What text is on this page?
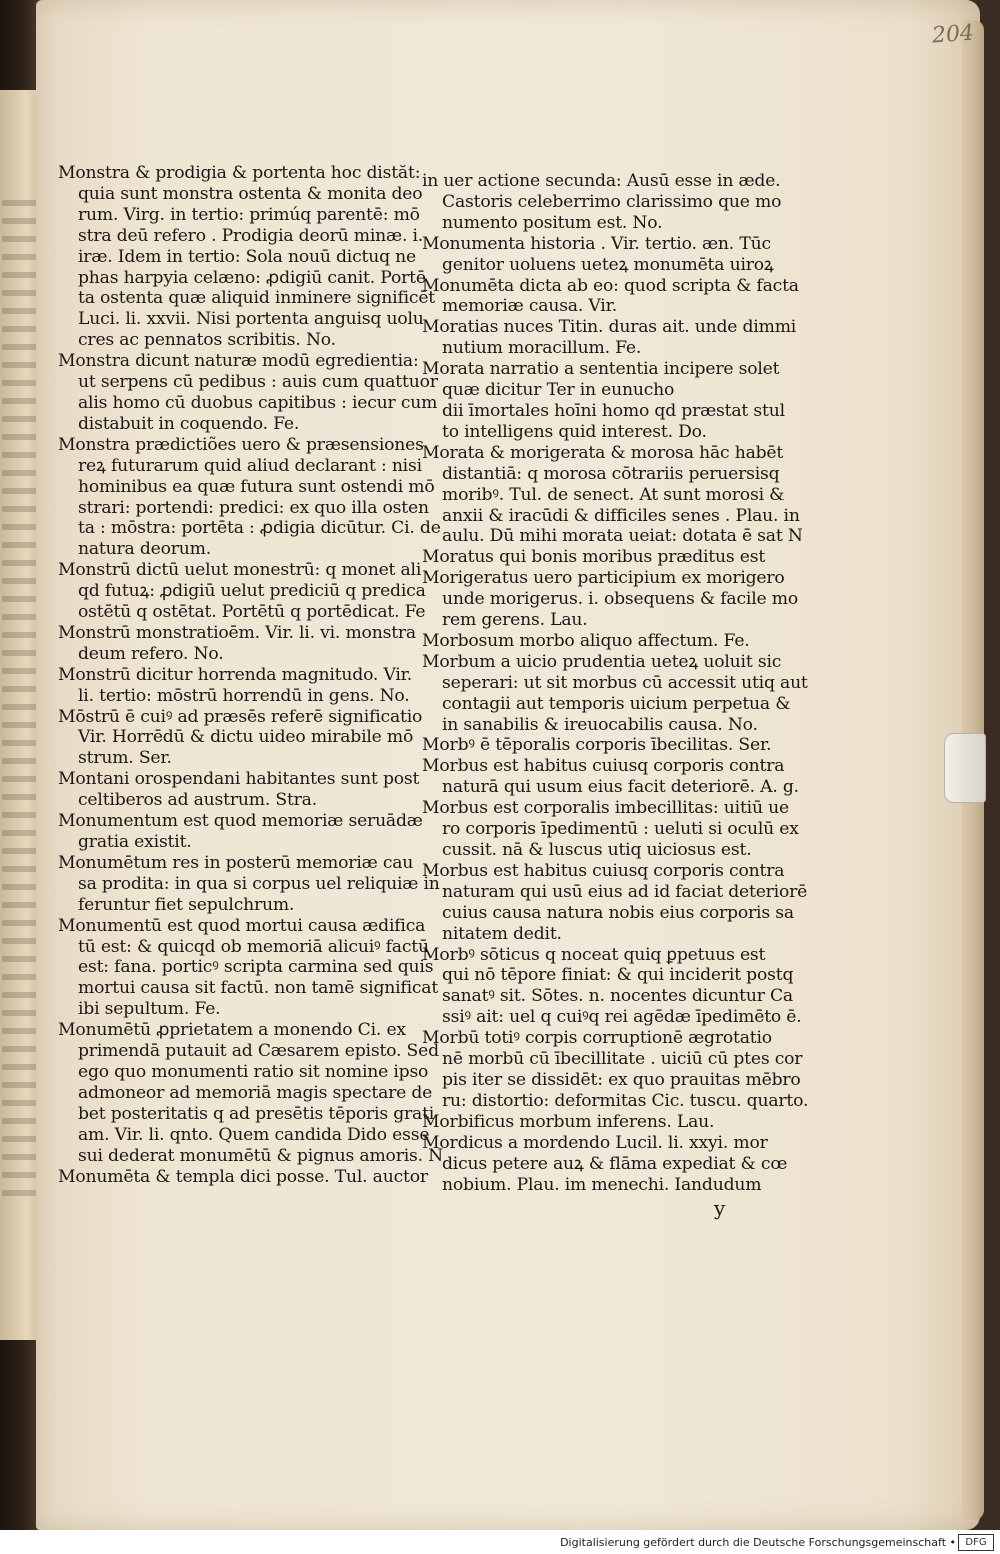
204

Monstra & prodigia & portenta hoc distăt:

quia sunt monstra ostenta & monita deo

rum. Virg. in tertio: primúq parentē: mō

stra deū refero . Prodigia deorū minæ. i.

iræ. Idem in tertio: Sola nouū dictuq ne

phas harpyia celæno: ꝓdigiū canit. Portē

ta ostenta quæ aliquid inminere significēt

Luci. li. xxvii. Nisi portenta anguisq uolu

cres ac pennatos scribitis. No.

Monstra dicunt naturæ modū egredientia:

ut serpens cū pedibus : auis cum quattuor

alis homo cū duobus capitibus : iecur cum

distabuit in coquendo. Fe.

Monstra prædictiões uero & præsensiones

reꝝ futurarum quid aliud declarant : nisi

hominibus ea quæ futura sunt ostendi mō

strari: portendi: predici: ex quo illa osten

ta : mōstra: portēta : ꝓdigia dicūtur. Ci. de

natura deorum.

Monstrū dictū uelut monestrū: q monet ali

qd futuꝝ: ꝓdigiū uelut prediciū q predica

ostētū q ostētat. Portētū q portēdicat. Fe

Monstrū monstratioēm. Vir. li. vi. monstra

deum refero. No.

Monstrū dicitur horrenda magnitudo. Vir.

li. tertio: mōstrū horrendū in gens. No.

Mōstrū ē cuiꝰ ad præsēs referē significatio

Vir. Horrēdū & dictu uideo mirabile mō

strum. Ser.

Montani orospendani habitantes sunt post

celtiberos ad austrum. Stra.

Monumentum est quod memoriæ seruādæ

gratia existit.

Monumētum res in posterū memoriæ cau

sa prodita: in qua si corpus uel reliquiæ in

feruntur fiet sepulchrum.

Monumentū est quod mortui causa ædifica

tū est: & quicqd ob memoriā alicuiꝰ factū

est: fana. porticꝰ scripta carmina sed quis

mortui causa sit factū. non tamē significat

ibi sepultum. Fe.

Monumētū ꝓprietatem a monendo Ci. ex

primendā putauit ad Cæsarem episto. Sed

ego quo monumenti ratio sit nomine ipso

admoneor ad memoriā magis spectare de

bet posteritatis q ad presētis tēporis grati

am. Vir. li. qnto. Quem candida Dido esse

sui dederat monumētū & pignus amoris. N

Monumēta & templa dici posse. Tul. auctor

in uer actione secunda: Ausū esse in æde.

Castoris celeberrimo clarissimo que mo

numento positum est. No.

Monumenta historia . Vir. tertio. æn. Tūc

genitor uoluens ueteꝝ monumēta uiroꝝ

Monumēta dicta ab eo: quod scripta & facta

memoriæ causa. Vir.

Moratias nuces Titin. duras ait. unde dimmi

nutium moracillum. Fe.

Morata narratio a sententia incipere solet

quæ dicitur Ter in eunucho

dii īmortales hoīni homo qd præstat stul

to intelligens quid interest. Do.

Morata & morigerata & morosa hāc habēt

distantiā: q morosa cōtrariis peruersisq

moribꝰ. Tul. de senect. At sunt morosi &

anxii & iracūdi & difficiles senes . Plau. in

aulu. Dū mihi morata ueiat: dotata ē sat N

Moratus qui bonis moribus præditus est

Morigeratus uero participium ex morigero

unde morigerus. i. obsequens & facile mo

rem gerens. Lau.

Morbosum morbo aliquo affectum. Fe.

Morbum a uicio prudentia ueteꝝ uoluit sic

seperari: ut sit morbus cū accessit utiq aut

contagii aut temporis uicium perpetua &

in sanabilis & ireuocabilis causa. No.

Morbꝰ ē tēporalis corporis ībecilitas. Ser.

Morbus est habitus cuiusq corporis contra

naturā qui usum eius facit deteriorē. A. g.

Morbus est corporalis imbecillitas: uitiū ue

ro corporis īpedimentū : ueluti si oculū ex

cussit. nā & luscus utiq uiciosus est.

Morbus est habitus cuiusq corporis contra

naturam qui usū eius ad id faciat deteriorē

cuius causa natura nobis eius corporis sa

nitatem dedit.

Morbꝰ sōticus q noceat quiq ꝑpetuus est

qui nō tēpore finiat: & qui inciderit postq

sanatꝰ sit. Sōtes. n. nocentes dicuntur Ca

ssiꝰ ait: uel q cuiꝰq rei agēdæ īpedimēto ē.

Morbū totiꝰ corpis corruptionē ægrotatio

nē morbū cū ībecillitate . uiciū cū ptes cor

pis iter se dissidēt: ex quo prauitas mēbro

ru: distortio: deformitas Cic. tuscu. quarto.

Morbificus morbum inferens. Lau.

Mordicus a mordendo Lucil. li. xxyi. mor

dicus petere auꝝ & flāma expediat & cœ

nobium. Plau. im menechi. Iandudum

y
Digitalisierung gefördert durch die Deutsche Forschungsgemeinschaft • DFG
